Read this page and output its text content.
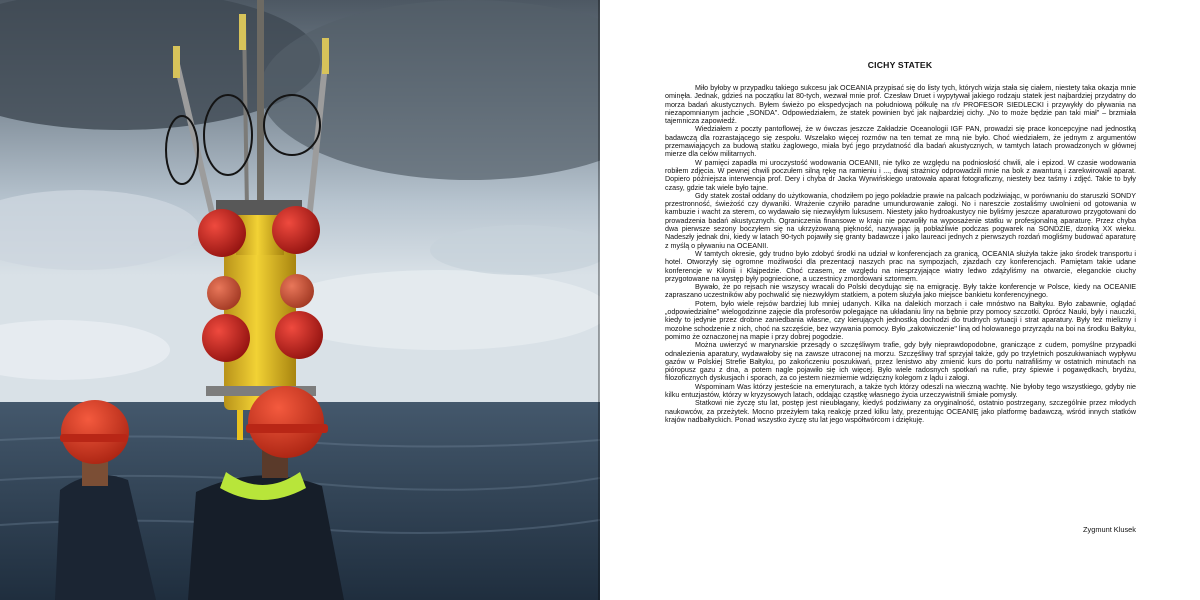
CICHY STATEK

Miło byłoby w przypadku takiego sukcesu jak OCEANIA przypisać się do listy tych, których wizja stała się ciałem, niestety taka okazja mnie ominęła. Jednak, gdzieś na początku lat 80-tych, wezwał mnie prof. Czesław Druet i wypytywał jakiego rodzaju statek jest najbardziej przydatny do morza badań akustycznych. Byłem świeżo po ekspedycjach na południową półkulę na r/v PROFESOR SIEDLECKI i przywykły do pływania na niezapomnianym jachcie „SONDA". Odpowiedziałem, że statek powinien być jak najbardziej cichy. „No to może będzie pan taki miał" – brzmiała tajemnicza zapowiedź.

Wiedziałem z poczty pantoflowej, że w ówczas jeszcze Zakładzie Oceanologii IGF PAN, prowadzi się prace koncepcyjne nad jednostką badawczą dla rozrastającego się zespołu. Wszelako więcej rozmów na ten temat ze mną nie było. Choć wiedziałem, że jednym z argumentów przemawiających za budową statku żaglowego, miała być jego przydatność dla badań akustycznych, w tamtych latach prowadzonych w głównej mierze dla celów militarnych.

W pamięci zapadła mi uroczystość wodowania OCEANII, nie tylko ze względu na podniosłość chwili, ale i epizod. W czasie wodowania robiłem zdjęcia. W pewnej chwili poczułem silną rękę na ramieniu i ..., dwaj strażnicy odprowadzili mnie na bok z awanturą i zarekwirowali aparat. Dopiero późniejsza interwencja prof. Dery i chyba dr Jacka Wyrwińskiego uratowała aparat fotograficzny, niestety bez taśmy i zdjęć. Takie to były czasy, gdzie tak wiele było tajne.

Gdy statek został oddany do użytkowania, chodziłem po jego pokładzie prawie na palcach podziwiając, w porównaniu do staruszki SONDY przestronność, świeżość czy dywaniki. Wrażenie czyniło paradne umundurowanie załogi. No i nareszcie zostaliśmy uwolnieni od gotowania w kambuzie i wacht za sterem, co wydawało się niezwykłym luksusem. Niestety jako hydroakustycy nie byliśmy jeszcze aparaturowo przygotowani do prowadzenia badań akustycznych. Ograniczenia finansowe w kraju nie pozwoliły na wyposażenie statku w profesjonalną aparaturę. Przez chyba dwa pierwsze sezony boczyłem się na ukrzyżowaną piękność, nazywając ją pobłażliwie podczas pogwarek na SONDZIE, dzonką XX wieku. Nadeszły jednak dni, kiedy w latach 90-tych pojawiły się granty badawcze i jako laureaci jednych z pierwszych rozdań mogliśmy budować aparaturę z myślą o pływaniu na OCEANII.

W tamtych okresie, gdy trudno było zdobyć środki na udział w konferencjach za granicą, OCEANIA służyła także jako środek transportu i hotel. Otworzyły się ogromne możliwości dla prezentacji naszych prac na sympozjach, zjazdach czy konferencjach. Pamiętam takie udane konferencje w Kilonii i Klajpedzie. Choć czasem, ze względu na niesprzyjające wiatry ledwo zdążyliśmy na otwarcie, eleganckie ciuchy przygotowane na występ były pogniecione, a uczestnicy zmordowani sztormem.

Bywało, że po rejsach nie wszyscy wracali do Polski decydując się na emigrację. Były także konferencje w Polsce, kiedy na OCEANIE zapraszano uczestników aby pochwalić się niezwykłym statkiem, a potem służyła jako miejsce bankietu konferencyjnego.

Potem, było wiele rejsów bardziej lub mniej udanych. Kilka na dalekich morzach i całe mnóstwo na Bałtyku. Było zabawnie, oglądać „odpowiedzialne" wielogodzinne zajęcie dla profesorów polegające na układaniu liny na bębnie przy pomocy szczotki. Oprócz Nauki, były i nauczki, kiedy to jedynie przez drobne zaniedbania własne, czy kierujących jednostką dochodzi do trudnych sytuacji i strat aparatury. Były też mielizny i mozolne schodzenie z nich, choć na szczęście, bez wzywania pomocy. Było „zakotwiczenie" liną od holowanego przyrządu na boi na środku Bałtyku, pomimo że oznaczonej na mapie i przy dobrej pogodzie.

Można uwierzyć w marynarskie przesądy o szczęśliwym trafie, gdy były nieprawdopodobne, graniczące z cudem, pomyślne przypadki odnalezienia aparatury, wydawałoby się na zawsze utraconej na morzu. Szczęśliwy traf sprzyjał także, gdy po trzyletnich poszukiwaniach wypływu gazów w Polskiej Strefie Bałtyku, po zakończeniu poszukiwań, przez lenistwo aby zmienić kurs do portu natrafiliśmy w ostatnich minutach na pióropusz gazu z dna, a potem nagle pojawiło się ich więcej. Było wiele radosnych spotkań na rufie, przy śpiewie i pogawędkach, brydżu, filozoficznych dyskusjach i sporach, za co jestem niezmiernie wdzięczny kolegom z lądu i załogi.

Wspominam Was którzy jesteście na emeryturach, a także tych którzy odeszli na wieczną wachtę. Nie byłoby tego wszystkiego, gdyby nie kilku entuzjastów, którzy w kryzysowych latach, oddając cząstkę własnego życia urzeczywistnili śmiałe pomysły.

Statkowi nie życzę stu lat, postęp jest nieubłagany, kiedyś podziwiany za oryginalność, ostatnio postrzegany, szczególnie przez młodych naukowców, za przeżytek. Mocno przeżyłem taką reakcję przed kilku laty, prezentując OCEANIĘ jako platformę badawczą, wśród innych statków krajów nadbałtyckich. Ponad wszystko życzę stu lat jego współtwórcom i dziękuję.

Zygmunt Klusek
